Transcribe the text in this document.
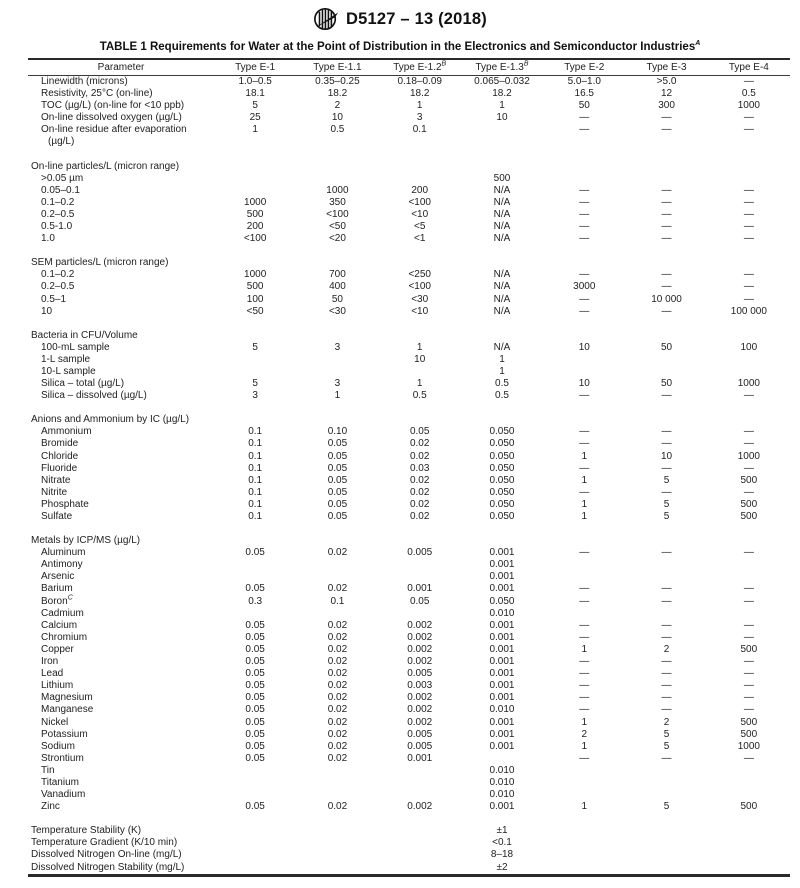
D5127 – 13 (2018)
TABLE 1 Requirements for Water at the Point of Distribution in the Electronics and Semiconductor Industries$^A$
Parameter	Type E-1	Type E-1.1	Type $E-1.2^B$	Type $E-1.3^B$	Type E-2	Type E-3	Type E-4
Linewidth (microns)	1.0–0.5	0.35–0.25	0.18–0.09	0.065–0.032	5.0–1.0	>5.0	—
Resistivity, 25°C (on-line)	18.1	18.2	18.2	18.2	16.5	12	0.5
TOC (µg/L) (on-line for <10 ppb)	5	2	1	1	50	300	1000
On-line dissolved oxygen (µg/L)	25	10	3	10	—	—	—
On-line residue after evaporation
(µg/L)	1	0.5	0.1		—	—	—

On-line particles/L (micron range)							
>0.05 µm				500			
0.05–0.1		1000	200	N/A	—	—	—
0.1–0.2	1000	350	<100	N/A	—	—	—
0.2–0.5	500	<100	<10	N/A	—	—	—
0.5-1.0	200	<50	<5	N/A	—	—	—
1.0	<100	<20	<1	N/A	—	—	—

SEM particles/L (micron range)							
0.1–0.2	1000	700	<250	N/A	—	—	—
0.2–0.5	500	400	<100	N/A	3000	—	—
0.5–1	100	50	<30	N/A	—	10 000	—
10	<50	<30	<10	N/A	—	—	100 000

Bacteria in CFU/Volume							
100-mL sample	5	3	1	N/A	10	50	100
1-L sample			10	1			
10-L sample				1			
Silica – total (µg/L)	5	3	1	0.5	10	50	1000
Silica – dissolved (µg/L)	3	1	0.5	0.5	—	—	—

Anions and Ammonium by IC (µg/L)							
Ammonium	0.1	0.10	0.05	0.050	—	—	—
Bromide	0.1	0.05	0.02	0.050	—	—	—
Chloride	0.1	0.05	0.02	0.050	1	10	1000
Fluoride	0.1	0.05	0.03	0.050	—	—	—
Nitrate	0.1	0.05	0.02	0.050	1	5	500
Nitrite	0.1	0.05	0.02	0.050	—	—	—
Phosphate	0.1	0.05	0.02	0.050	1	5	500
Sulfate	0.1	0.05	0.02	0.050	1	5	500

Metals by ICP/MS (µg/L)							
Aluminum	0.05	0.02	0.005	0.001	—	—	—
Antimony				0.001			
Arsenic				0.001			
Barium	0.05	0.02	0.001	0.001	—	—	—
Boron$^C$	0.3	0.1	0.05	0.050	—	—	—
Cadmium				0.010			
Calcium	0.05	0.02	0.002	0.001	—	—	—
Chromium	0.05	0.02	0.002	0.001	—	—	—
Copper	0.05	0.02	0.002	0.001	1	2	500
Iron	0.05	0.02	0.002	0.001	—	—	—
Lead	0.05	0.02	0.005	0.001	—	—	—
Lithium	0.05	0.02	0.003	0.001	—	—	—
Magnesium	0.05	0.02	0.002	0.001	—	—	—
Manganese	0.05	0.02	0.002	0.010	—	—	—
Nickel	0.05	0.02	0.002	0.001	1	2	500
Potassium	0.05	0.02	0.005	0.001	2	5	500
Sodium	0.05	0.02	0.005	0.001	1	5	1000
Strontium	0.05	0.02	0.001		—	—	—
Tin				0.010			
Titanium				0.010			
Vanadium				0.010			
Zinc	0.05	0.02	0.002	0.001	1	5	500

Temperature Stability (K)				±1			
Temperature Gradient (K/10 min)				<0.1			
Dissolved Nitrogen On-line (mg/L)				8–18			
Dissolved Nitrogen Stability (mg/L)				±2			
